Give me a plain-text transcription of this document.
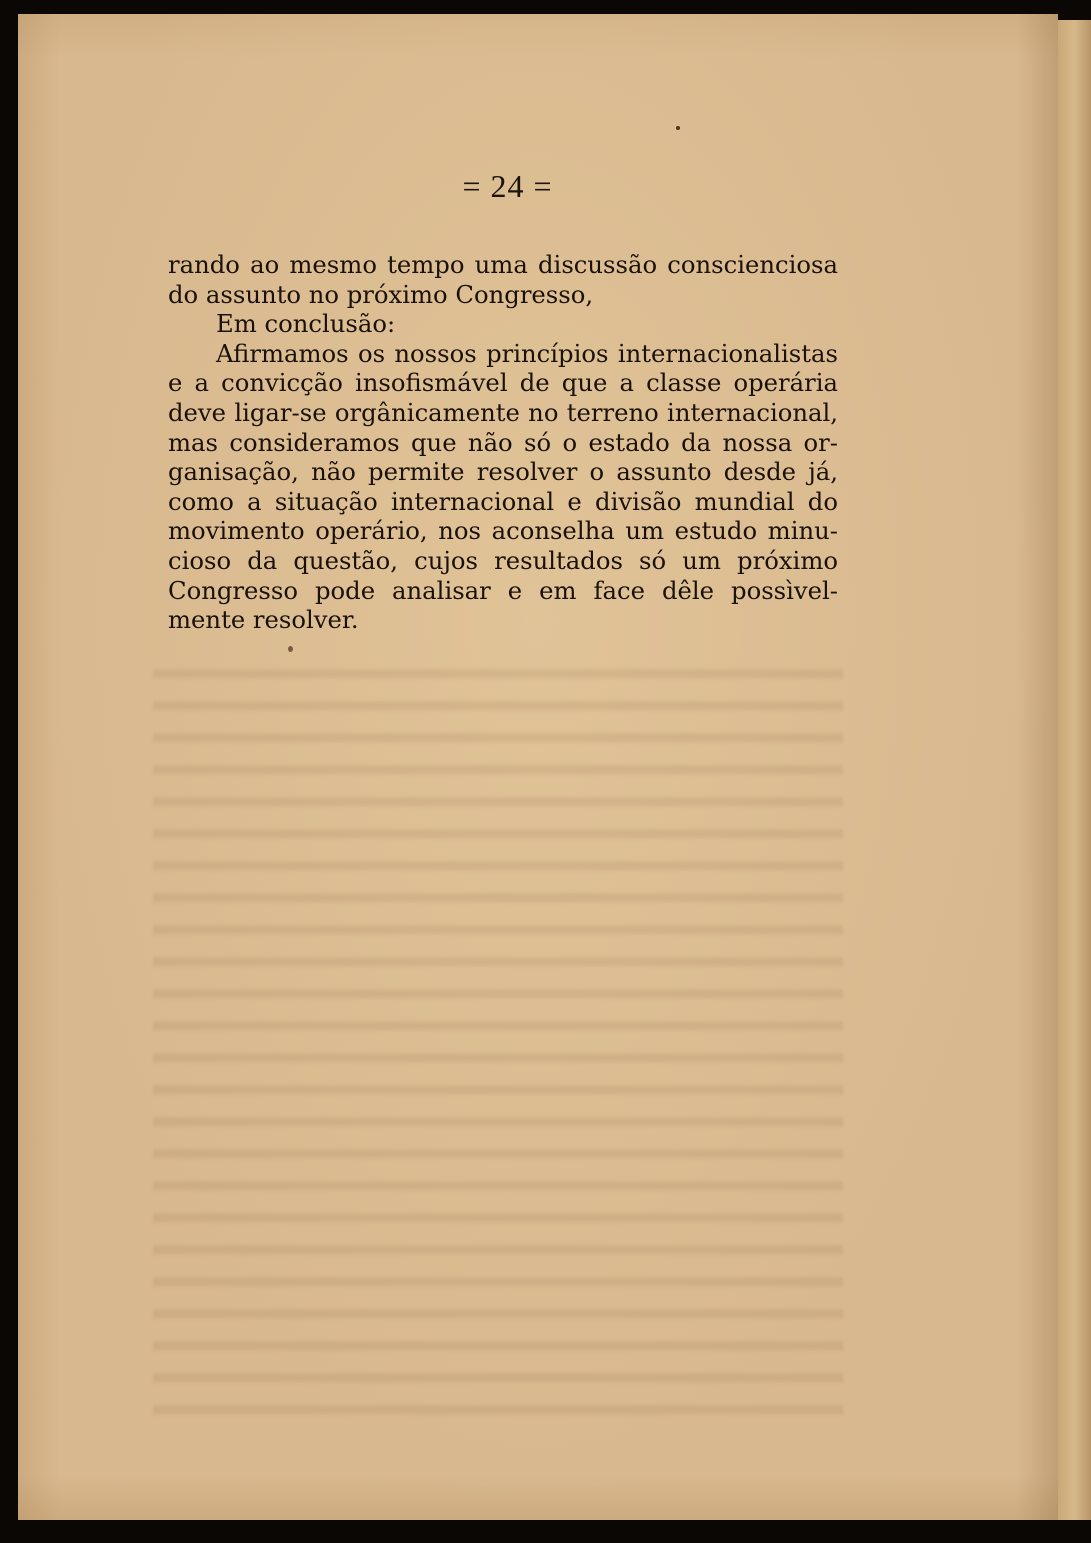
= 24 =
rando ao mesmo tempo uma discussão conscienciosa
do assunto no próximo Congresso,
Em conclusão:
Afirmamos os nossos princípios internacionalistas
e a convicção insofismável de que a classe operária
deve ligar-se orgânicamente no terreno internacional,
mas consideramos que não só o estado da nossa or-
ganisação, não permite resolver o assunto desde já,
como a situação internacional e divisão mundial do
movimento operário, nos aconselha um estudo minu-
cioso da questão, cujos resultados só um próximo
Congresso pode analisar e em face dêle possìvel-
mente resolver.
